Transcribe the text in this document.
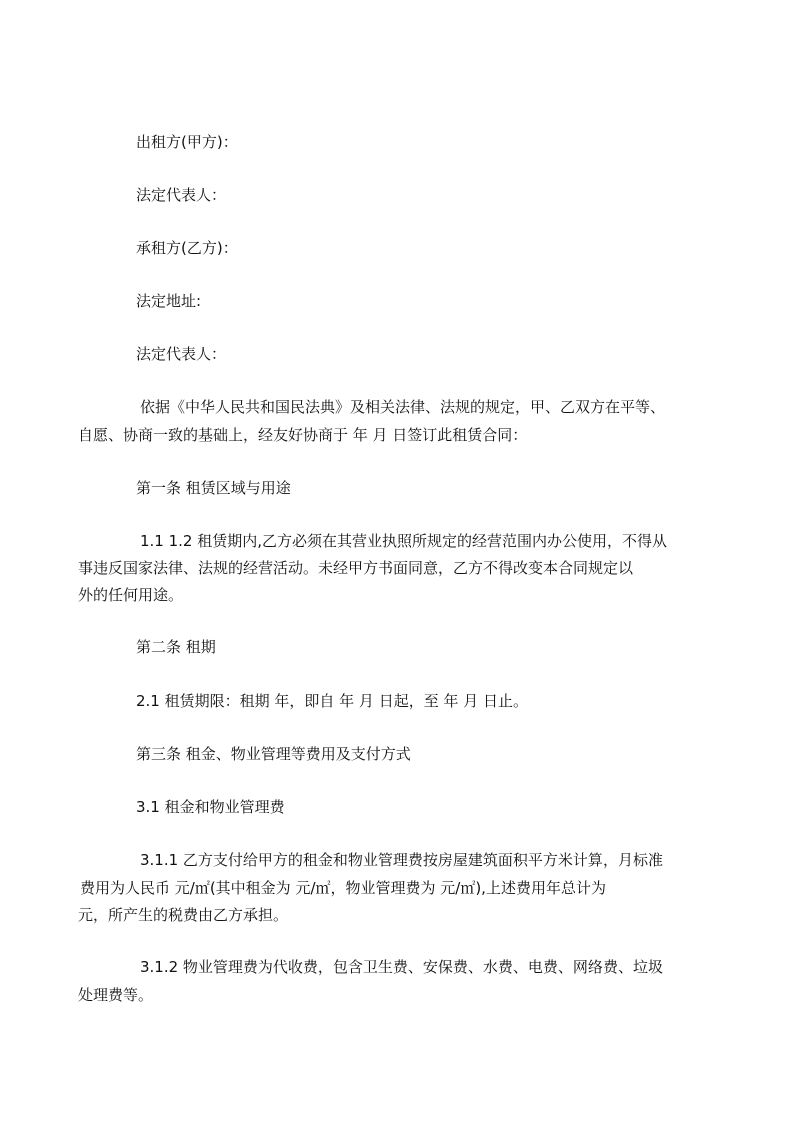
出租方(甲方)：

法定代表人：

承租方(乙方)：

法定地址:

法定代表人：

依据《中华人民共和国民法典》及相关法律、法规的规定，甲、乙双方在平等、

自愿、协商一致的基础上，经友好协商于 年 月 日签订此租赁合同：

第一条 租赁区域与用途

1.1 1.2 租赁期内,乙方必须在其营业执照所规定的经营范围内办公使用，不得从

事违反国家法律、法规的经营活动。未经甲方书面同意，乙方不得改变本合同规定以

外的任何用途。

第二条 租期

2.1 租赁期限：租期 年，即自 年 月 日起，至 年 月 日止。

第三条 租金、物业管理等费用及支付方式

3.1 租金和物业管理费

3.1.1 乙方支付给甲方的租金和物业管理费按房屋建筑面积平方米计算，月标准

费用为人民币 元/㎡(其中租金为 元/㎡，物业管理费为 元/㎡),上述费用年总计为

元，所产生的税费由乙方承担。

3.1.2 物业管理费为代收费，包含卫生费、安保费、水费、电费、网络费、垃圾

处理费等。
